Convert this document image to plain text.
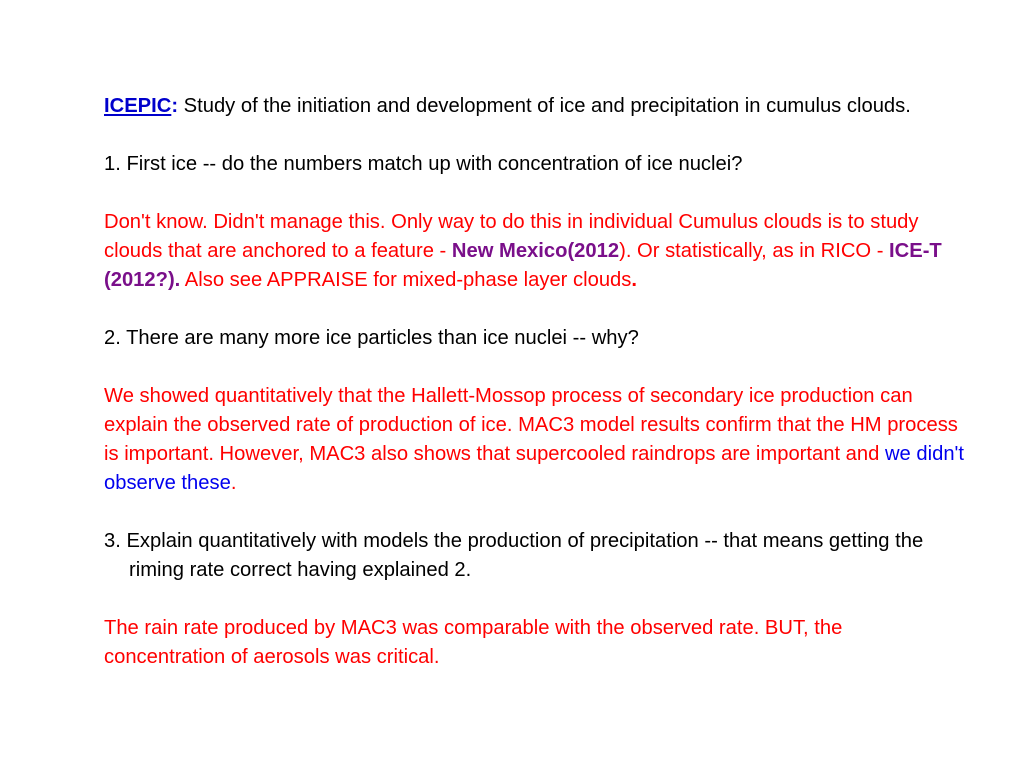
ICEPIC: Study of the initiation and development of ice and precipitation in cumulus clouds.

1. First ice -- do the numbers match up with concentration of ice nuclei?

Don't know. Didn't manage this. Only way to do this in individual Cumulus clouds is to study clouds that are anchored to a feature - New Mexico(2012). Or statistically, as in RICO - ICE-T (2012?). Also see APPRAISE for mixed-phase layer clouds.

2. There are many more ice particles than ice nuclei -- why?

We showed quantitatively that the Hallett-Mossop process of secondary ice production can explain the observed rate of production of ice. MAC3 model results confirm that the HM process is important. However, MAC3 also shows that supercooled raindrops are important and we didn't observe these.

3. Explain quantitatively with models the production of precipitation -- that means getting the riming rate correct having explained 2.

The rain rate produced by MAC3 was comparable with the observed rate. BUT, the concentration of aerosols was critical.
